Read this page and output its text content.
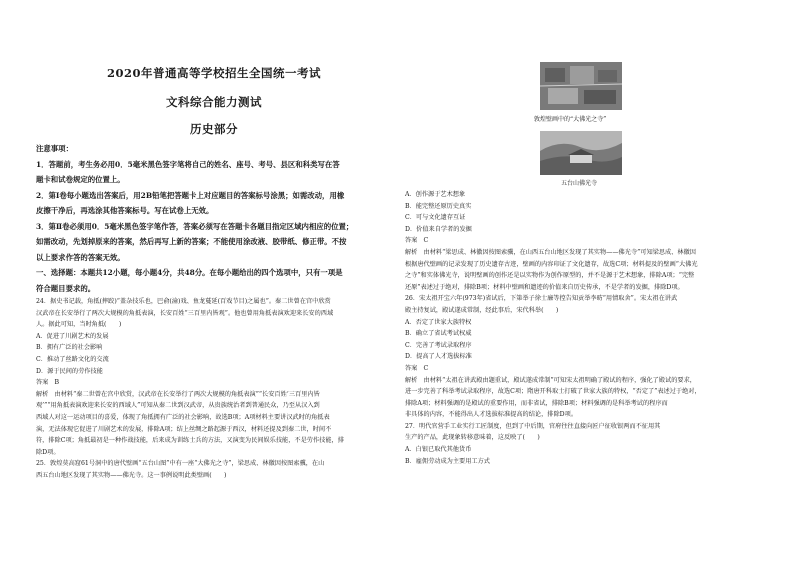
2020年普通高等学校招生全国统一考试
文科综合能力测试
历史部分
注意事项：
1．答题前，考生务必用0．5毫米黑色签字笔将自己的姓名、座号、考号、县区和科类写在答
题卡和试卷规定的位置上。
2．第Ⅰ卷每小题选出答案后，用2B铅笔把答题卡上对应题目的答案标号涂黑；如需改动，用橡
皮擦干净后，再选涂其他答案标号。写在试卷上无效。
3．第Ⅱ卷必须用0．5毫米黑色签字笔作答，答案必须写在答题卡各题目指定区域内相应的位置；
如需改动，先划掉原来的答案，然后再写上新的答案；不能使用涂改液、胶带纸、修正带。不按
以上要求作答的答案无效。
一、选择题：本题共12小题，每小题4分，共48分。在每小题给出的四个选项中，只有一项是
符合题目要求的。
24．据史书记载，角抵(摔跤)“盖杂技乐也，巴俞(渝)戏、鱼龙蔓延(百戏节目)之属也”。秦二世曾在宫中欣赏
汉武帝在长安举行了两次大规模的角抵表演，长安百姓“三百里内皆观”。他也曾用角抵表演欢迎来长安的西域
人。据此可知，当时角抵(　　)
A．促进了川剧艺术的发展
B．拥有广泛的社会影响
C．推动了丝路文化的交流
D．源于民间的劳作技能
答案　B
解析　由材料“秦二世曾在宫中欣赏，汉武帝在长安举行了两次大规模的角抵表演”“长安百姓‘三百里内皆
观’”“用角抵表演欢迎来长安的西域人”可知从秦二世到汉武帝，从贵族统治者到普通民众，乃至从汉入到
西域人对这一运动项目的喜爱，体现了角抵拥有广泛的社会影响，故选B项；A项材料主要讲汉武时的角抵表
演，无法体现它促进了川剧艺术的发展，排除A项；结上丝绸之路起源于西汉，材料还提及到秦二世，时间不
符，排除C项；角抵最初是一种作战技能，后来成为训练士兵的方法，又演变为民间娱乐技能，不是劳作技能，排
除D项。
25．敦煌莫高窟61号洞中的唐代壁画“五台山图”中有一座“大佛光之寺”，梁思成、林徽因按图索骥，在山
西五台山地区发现了其实物——佛光寺。这一事例说明此类壁画(　　)
敦煌壁画中的“大佛光之寺”
五台山佛光寺
A．创作源于艺术想象
B．能完整还原历史真实
C．可与文化遗存互证
D．价值来自学者的发掘
答案　C
解析　由材料“梁思成、林徽因按图索骥，在山西五台山地区发现了其实物——佛光寺”可知梁思成、林徽因
根据唐代壁画的记录发现了历史遗存古迹，壁画的内容印证了文化遗存，故选C项；材料提及的壁画“大佛光
之寺”和实体佛光寺，说明壁画的创作还是以实物作为创作原型的，并不是源于艺术想象，排除A项；“完整
还原”表述过于绝对，排除B项；材料中壁画和遗迹的价值来自历史传承，不是学者的发掘，排除D项。
26．宋太祖开宝六年(973年)省试后，下第举子徐士廉等控告知贡举李昉“用情取舍”。宋太祖在讲武
殿主持复试，殿试遂成常制，经此事后，宋代科举(　　)
A．否定了世家大族特权
B．确立了省试考试权威
C．完善了考试录取程序
D．提高了人才选拔标准
答案　C
解析　由材料“太祖在讲武殿由题重试，殿试遂成常制”可知宋太祖明确了殿试的程序，强化了殿试的要求，
进一步完善了科举考试录取程序，故选C项；隋唐开科取士打破了世家大族的特权，“否定了”表述过于绝对，
排除A项；材料强调的是殿试的重要作用，而非省试，排除B项；材料强调的是科举考试的程序而
非具体的内容，不能得出人才选拔标准提高的结论，排除D项。
27．明代官营手工业实行工匠制度，但到了中后期，官府往往直接向匠户征收银两而不征用其
生产的产品，此现象转移意味着，这反映了(　　)
A．白银已取代其他货币
B．雇佣劳动成为主要用工方式
